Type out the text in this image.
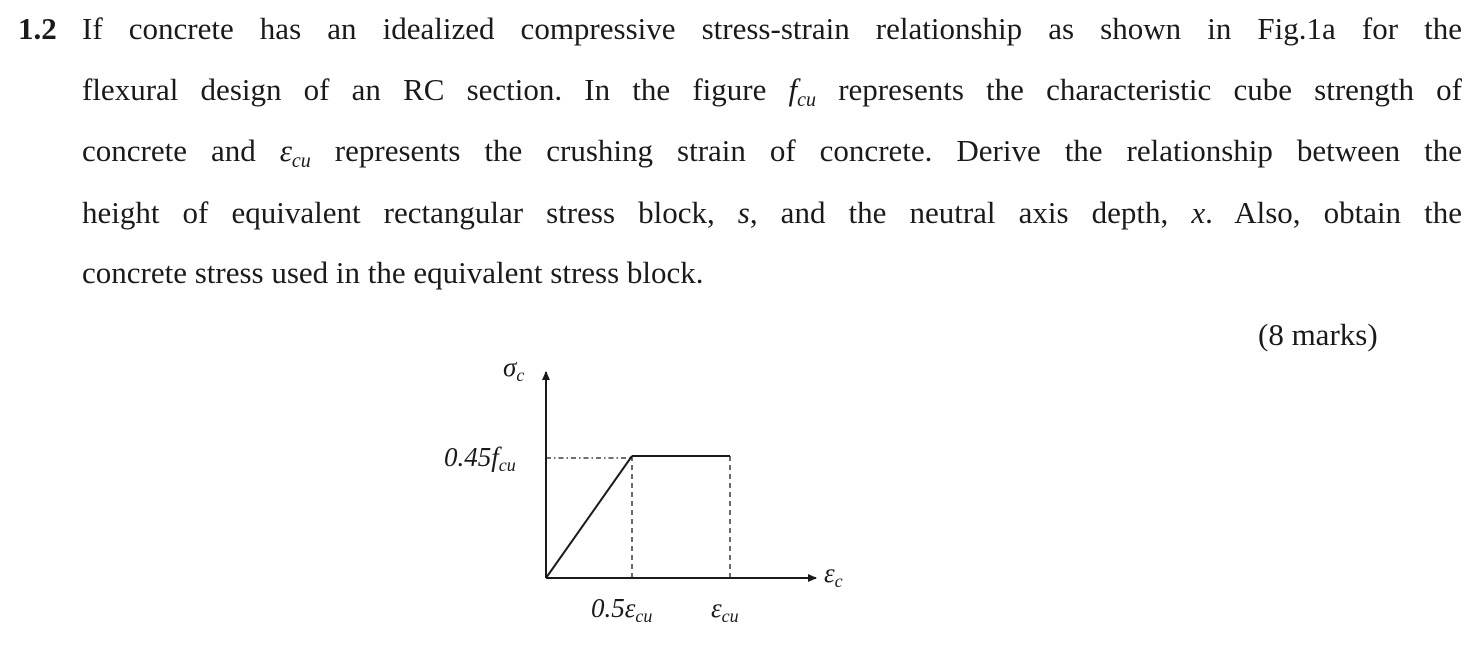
1.2 If concrete has an idealized compressive stress-strain relationship as shown in Fig.1a for the
flexural design of an RC section. In the figure $f_{cu}$ represents the characteristic cube strength of
concrete and $\varepsilon_{cu}$ represents the crushing strain of concrete. Derive the relationship between the
height of equivalent rectangular stress block, s, and the neutral axis depth, x. Also, obtain the
concrete stress used in the equivalent stress block.
(8 marks)
σc
εc
0.45fcu
0.5εcu εcu
